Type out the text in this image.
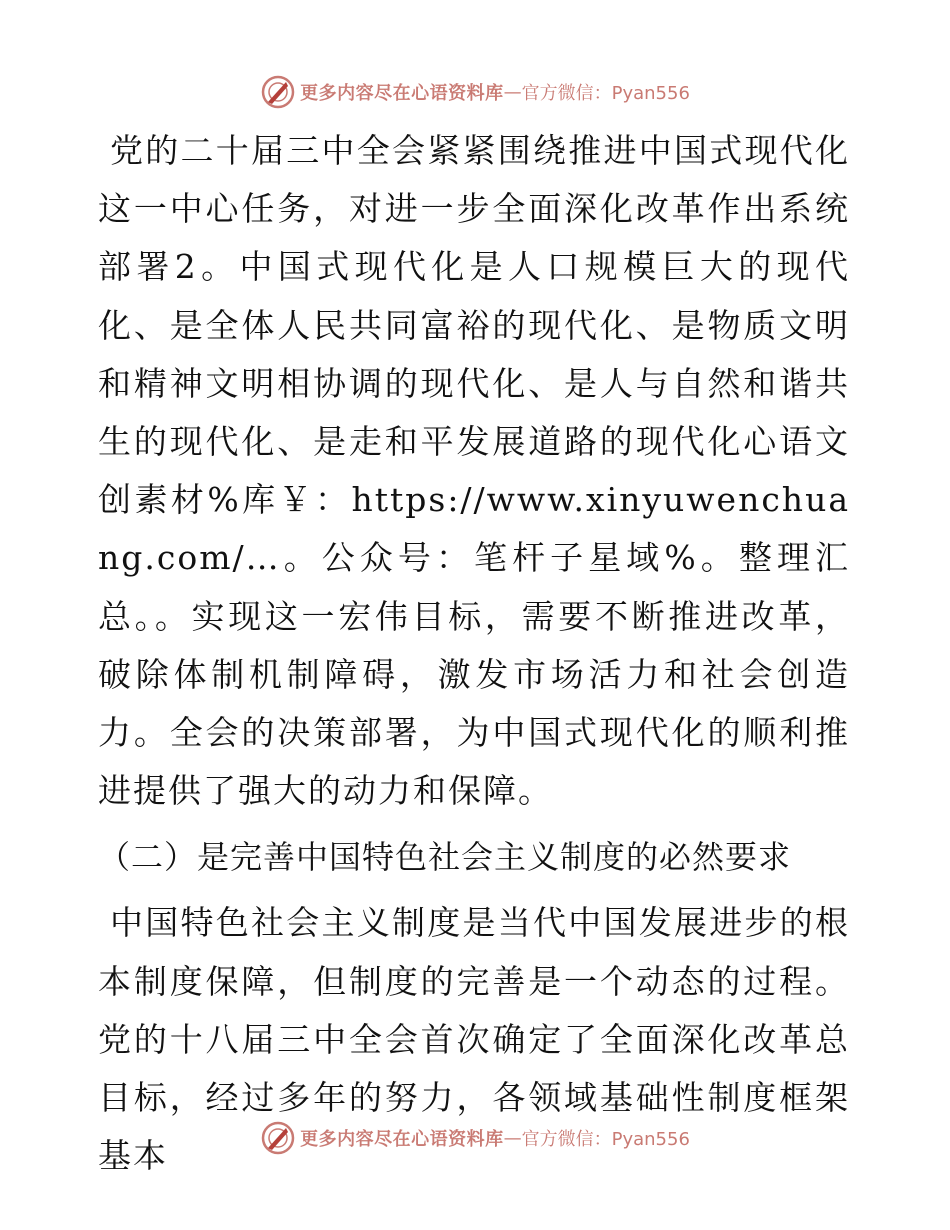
更多内容尽在心语资料库 — 官方微信：Pyan556

党的二十届三中全会紧紧围绕推进中国式现代化这一中心任务，对进一步全面深化改革作出系统部署2。中国式现代化是人口规模巨大的现代化、是全体人民共同富裕的现代化、是物质文明和精神文明相协调的现代化、是人与自然和谐共生的现代化、是走和平发展道路的现代化心语文创素材%库￥：https://www.xinyuwenchuang.com/…。公众号：笔杆子星域%。整理汇总。。实现这一宏伟目标，需要不断推进改革，破除体制机制障碍，激发市场活力和社会创造力。全会的决策部署，为中国式现代化的顺利推进提供了强大的动力和保障。

（二）是完善中国特色社会主义制度的必然要求

中国特色社会主义制度是当代中国发展进步的根本制度保障，但制度的完善是一个动态的过程。党的十八届三中全会首次确定了全面深化改革总目标，经过多年的努力，各领域基础性制度框架基本	更多内容尽在心语资料库 — 官方微信：Pyan556
